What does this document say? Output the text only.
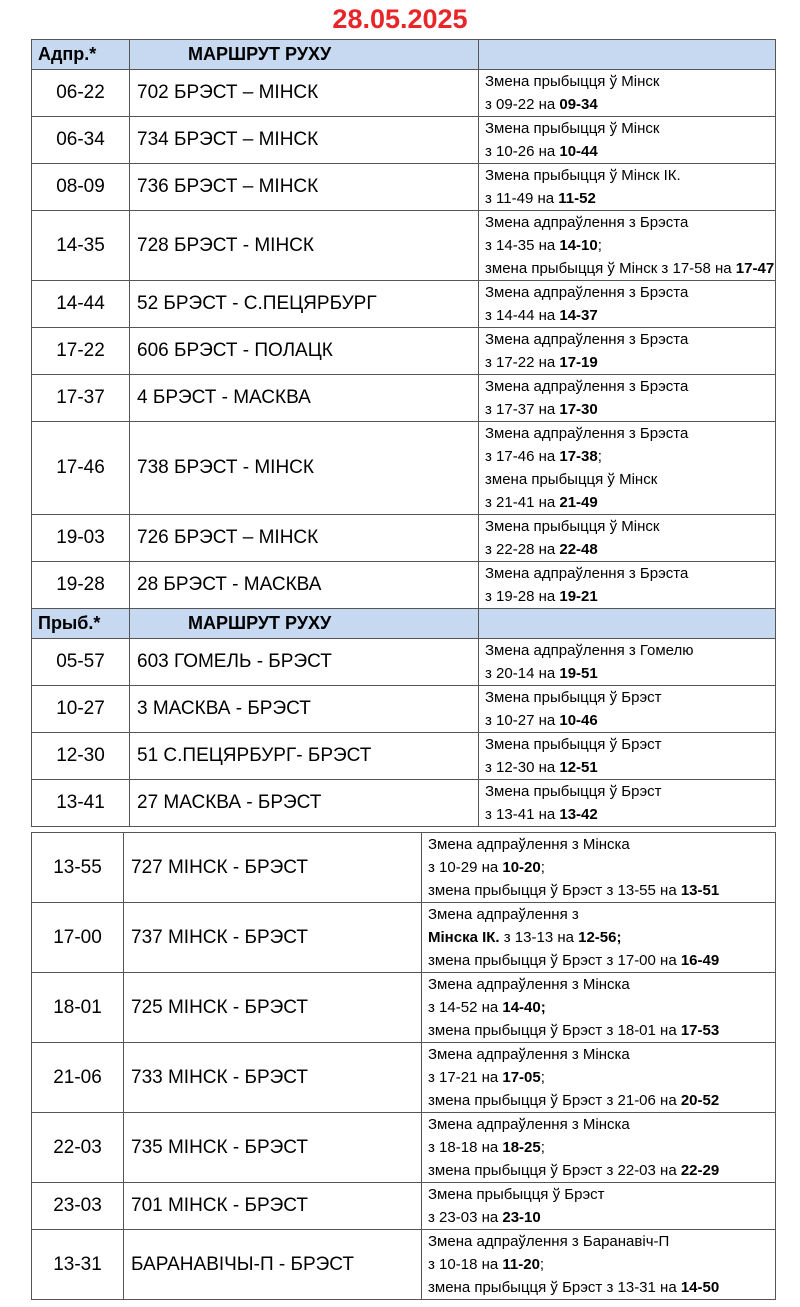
28.05.2025
Адпр.*	МАРШРУТ РУХУ	
06-22	702 БРЭСТ – МІНСК	Змена прыбыцця ў Мінск
з 09-22 на 09-34

06-34	734 БРЭСТ – МІНСК	Змена прыбыцця ў Мінск
з 10-26 на 10-44

08-09	736 БРЭСТ – МІНСК	Змена прыбыцця ў Мінск ІК.
з 11-49 на 11-52

14-35	728 БРЭСТ - МІНСК	Змена адпраўлення з Брэста
з 14-35 на 14-10;
змена прыбыцця ў Мінск з 17-58 на 17-47

14-44	52 БРЭСТ - С.ПЕЦЯРБУРГ	Змена адпраўлення з Брэста
з 14-44 на 14-37

17-22	606 БРЭСТ - ПОЛАЦК	Змена адпраўлення з Брэста
з 17-22 на 17-19

17-37	4 БРЭСТ - МАСКВА	Змена адпраўлення з Брэста
з 17-37 на 17-30

17-46	738 БРЭСТ - МІНСК	Змена адпраўлення з Брэста
з 17-46 на 17-38;
змена прыбыцця ў Мінск
з 21-41 на 21-49

19-03	726 БРЭСТ – МІНСК	Змена прыбыцця ў Мінск
з 22-28 на 22-48

19-28	28 БРЭСТ - МАСКВА	Змена адпраўлення з Брэста
з 19-28 на 19-21

Прыб.*	МАРШРУТ РУХУ	
05-57	603 ГОМЕЛЬ - БРЭСТ	Змена адпраўлення з Гомелю
з 20-14 на 19-51

10-27	3 МАСКВА - БРЭСТ	Змена прыбыцця ў Брэст
з 10-27 на 10-46

12-30	51 С.ПЕЦЯРБУРГ- БРЭСТ	Змена прыбыцця ў Брэст
з 12-30 на 12-51

13-41	27 МАСКВА - БРЭСТ	Змена прыбыцця ў Брэст
з 13-41 на 13-42
13-55	727 МІНСК - БРЭСТ	Змена адпраўлення з Мінска
з 10-29 на 10-20;
змена прыбыцця ў Брэст з 13-55 на 13-51

17-00	737 МІНСК - БРЭСТ	Змена адпраўлення з
Мінска ІК. з 13-13 на 12-56;
змена прыбыцця ў Брэст з 17-00 на 16-49

18-01	725 МІНСК - БРЭСТ	Змена адпраўлення з Мінска
з 14-52 на 14-40;
змена прыбыцця ў Брэст з 18-01 на 17-53

21-06	733 МІНСК - БРЭСТ	Змена адпраўлення з Мінска
з 17-21 на 17-05;
змена прыбыцця ў Брэст з 21-06 на 20-52

22-03	735 МІНСК - БРЭСТ	Змена адпраўлення з Мінска
з 18-18 на 18-25;
змена прыбыцця ў Брэст з 22-03 на 22-29

23-03	701 МІНСК - БРЭСТ	Змена прыбыцця ў Брэст
з 23-03 на 23-10

13-31	БАРАНАВІЧЫ-П - БРЭСТ	Змена адпраўлення з Баранавіч-П
з 10-18 на 11-20;
змена прыбыцця ў Брэст з 13-31 на 14-50
